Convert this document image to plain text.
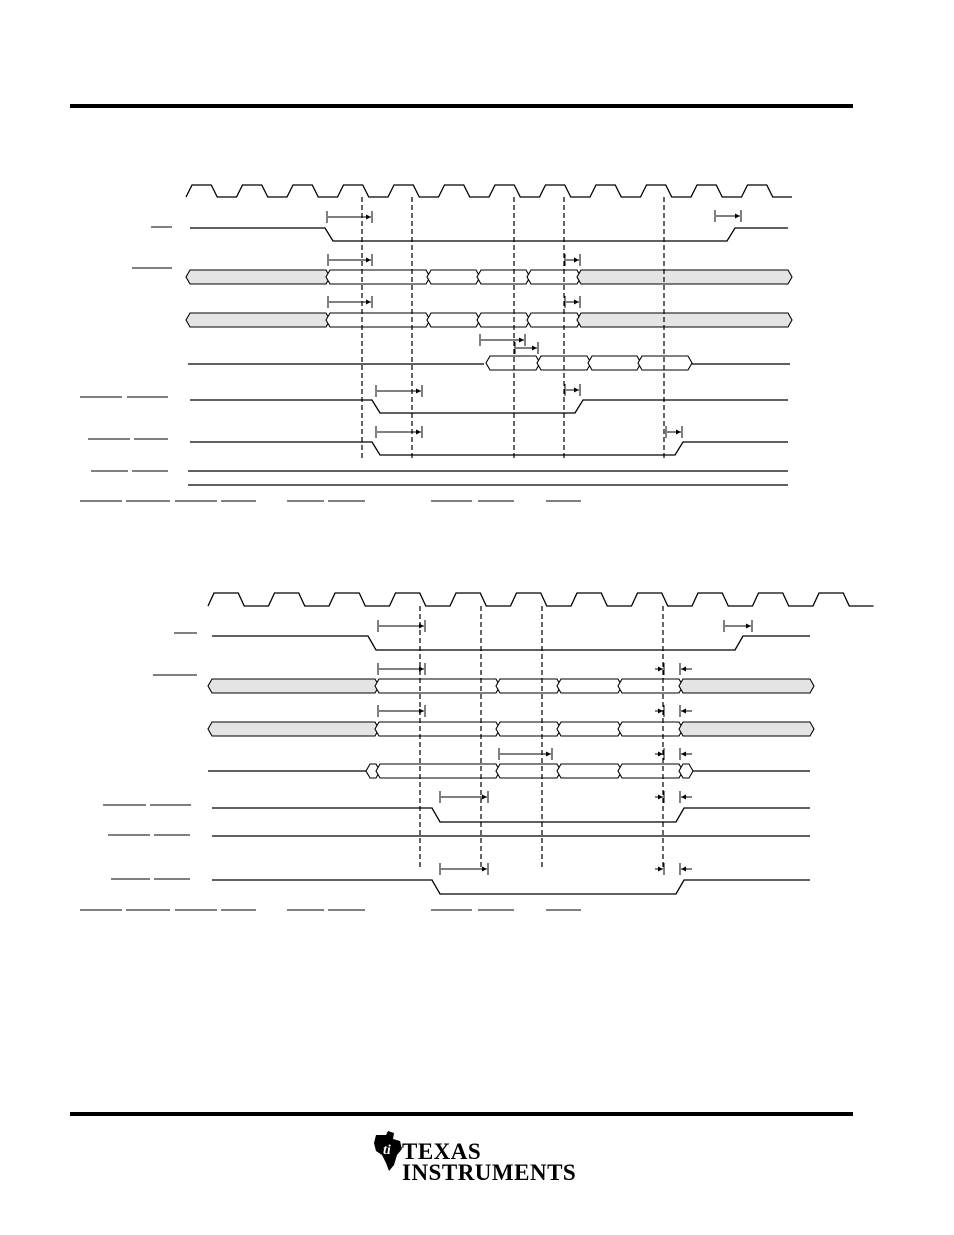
ti TEXAS
INSTRUMENTS
